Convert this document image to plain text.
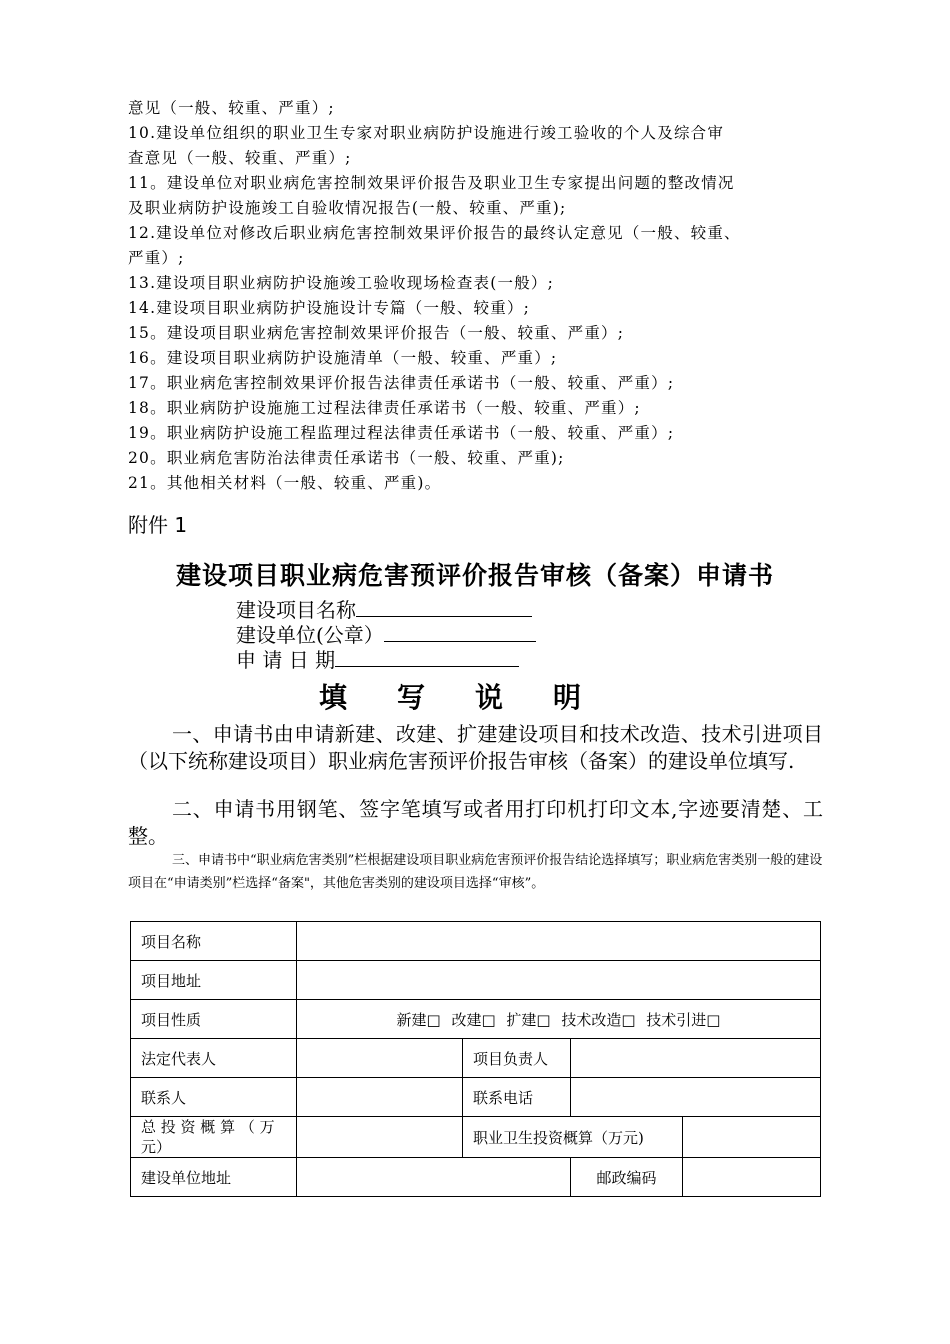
意见（一般、较重、严重）;
10.建设单位组织的职业卫生专家对职业病防护设施进行竣工验收的个人及综合审
查意见（一般、较重、严重）;
11。建设单位对职业病危害控制效果评价报告及职业卫生专家提出问题的整改情况
及职业病防护设施竣工自验收情况报告(一般、较重、严重);
12.建设单位对修改后职业病危害控制效果评价报告的最终认定意见（一般、较重、
严重）;
13.建设项目职业病防护设施竣工验收现场检查表(一般）;
14.建设项目职业病防护设施设计专篇（一般、较重）;
15。建设项目职业病危害控制效果评价报告（一般、较重、严重）;
16。建设项目职业病防护设施清单（一般、较重、严重）;
17。职业病危害控制效果评价报告法律责任承诺书（一般、较重、严重）;
18。职业病防护设施施工过程法律责任承诺书（一般、较重、严重）;
19。职业病防护设施工程监理过程法律责任承诺书（一般、较重、严重）;
20。职业病危害防治法律责任承诺书（一般、较重、严重);
21。其他相关材料（一般、较重、严重)。
附件 1
建设项目职业病危害预评价报告审核（备案）申请书
建设项目名称
建设单位(公章）
申 请 日 期
填写说明
一、申请书由申请新建、改建、扩建建设项目和技术改造、技术引进项目（以下统称建设项目）职业病危害预评价报告审核（备案）的建设单位填写.
二、申请书用钢笔、签字笔填写或者用打印机打印文本,字迹要清楚、工整。
三、申请书中“职业病危害类别”栏根据建设项目职业病危害预评价报告结论选择填写；职业病危害类别一般的建设项目在“申请类别”栏选择“备案"，其他危害类别的建设项目选择“审核”。
项目名称				
项目地址				
项目性质	新建□ 改建□ 扩建□ 技术改造□ 技术引进□			
法定代表人		项目负责人		
联系人		联系电话		
总 投 资 概 算 （ 万 元）		职业卫生投资概算（万元)		
建设单位地址			邮政编码	
